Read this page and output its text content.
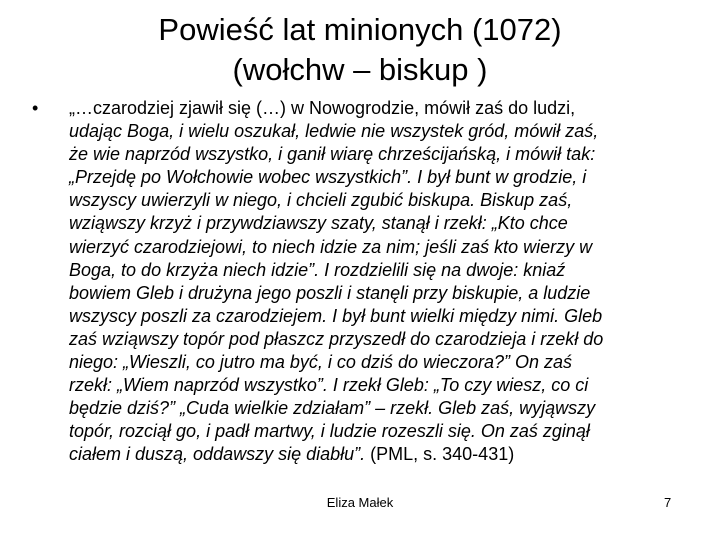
Powieść lat minionych (1072)
(wołchw – biskup )
• „…czarodziej zjawił się (…) w Nowogrodzie, mówił zaś do ludzi,
udając Boga, i wielu oszukał, ledwie nie wszystek gród, mówił zaś,
że wie naprzód wszystko, i ganił wiarę chrześcijańską, i mówił tak:
„Przejdę po Wołchowie wobec wszystkich”. I był bunt w grodzie, i
wszyscy uwierzyli w niego, i chcieli zgubić biskupa. Biskup zaś,
wziąwszy krzyż i przywdziawszy szaty, stanął i rzekł: „Kto chce
wierzyć czarodziejowi, to niech idzie za nim; jeśli zaś kto wierzy w
Boga, to do krzyża niech idzie”. I rozdzielili się na dwoje: kniaź
bowiem Gleb i drużyna jego poszli i stanęli przy biskupie, a ludzie
wszyscy poszli za czarodziejem. I był bunt wielki między nimi. Gleb
zaś wziąwszy topór pod płaszcz przyszedł do czarodzieja i rzekł do
niego: „Wieszli, co jutro ma być, i co dziś do wieczora?” On zaś
rzekł: „Wiem naprzód wszystko”. I rzekł Gleb: „To czy wiesz, co ci
będzie dziś?” „Cuda wielkie zdziałam” – rzekł. Gleb zaś, wyjąwszy
topór, rozciął go, i padł martwy, i ludzie rozeszli się. On zaś zginął
ciałem i duszą, oddawszy się diabłu”. (PML, s. 340-431)
Eliza Małek	7
